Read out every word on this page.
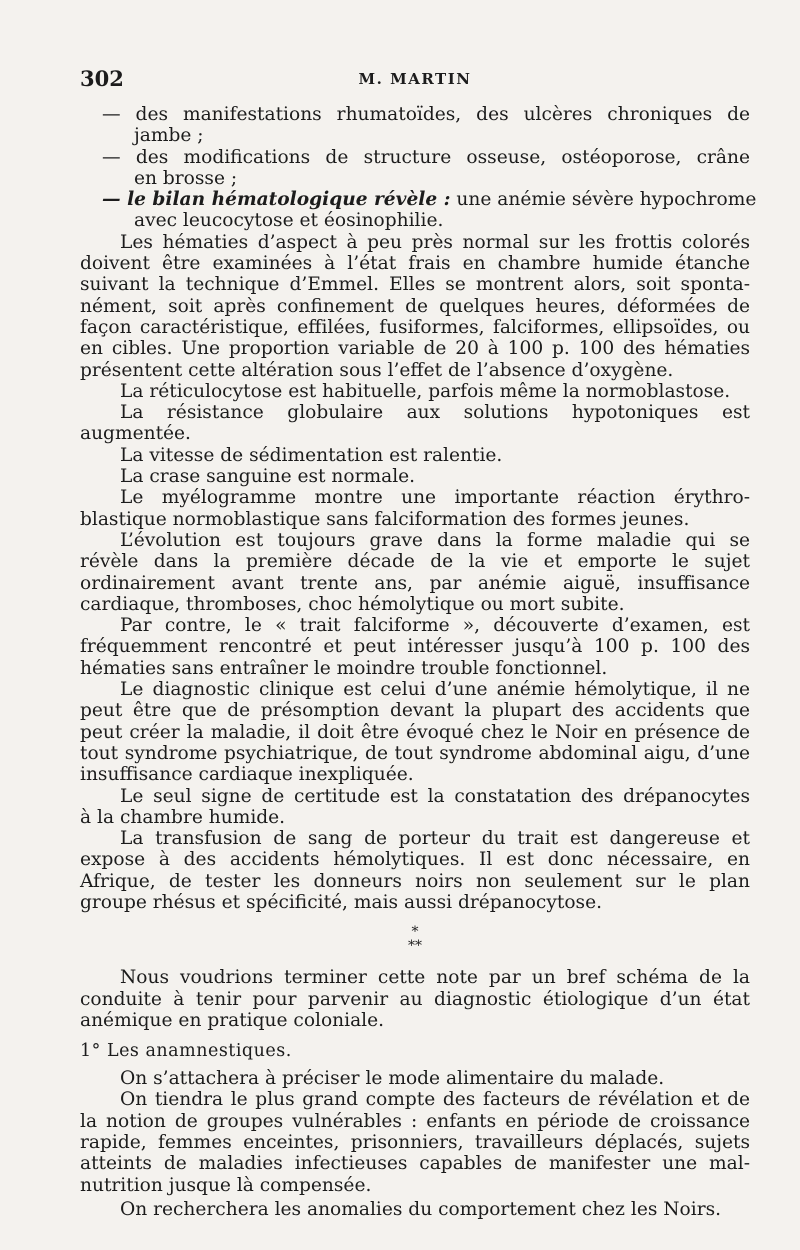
302	M. MARTIN
— des manifestations rhumatoïdes, des ulcères chroniques de
jambe ;
— des modifications de structure osseuse, ostéoporose, crâne
en brosse ;
— le bilan hématologique révèle : une anémie sévère hypochrome
avec leucocytose et éosinophilie.
Les hématies d’aspect à peu près normal sur les frottis colorés
doivent être examinées à l’état frais en chambre humide étanche
suivant la technique d’Emmel. Elles se montrent alors, soit sponta-
nément, soit après confinement de quelques heures, déformées de
façon caractéristique, effilées, fusiformes, falciformes, ellipsoïdes, ou
en cibles. Une proportion variable de 20 à 100 p. 100 des hématies
présentent cette altération sous l’effet de l’absence d’oxygène.
La réticulocytose est habituelle, parfois même la normoblastose.
La résistance globulaire aux solutions hypotoniques est
augmentée.
La vitesse de sédimentation est ralentie.
La crase sanguine est normale.
Le myélogramme montre une importante réaction érythro-
blastique normoblastique sans falciformation des formes jeunes.
L’évolution est toujours grave dans la forme maladie qui se
révèle dans la première décade de la vie et emporte le sujet
ordinairement avant trente ans, par anémie aiguë, insuffisance
cardiaque, thromboses, choc hémolytique ou mort subite.
Par contre, le « trait falciforme », découverte d’examen, est
fréquemment rencontré et peut intéresser jusqu’à 100 p. 100 des
hématies sans entraîner le moindre trouble fonctionnel.
Le diagnostic clinique est celui d’une anémie hémolytique, il ne
peut être que de présomption devant la plupart des accidents que
peut créer la maladie, il doit être évoqué chez le Noir en présence de
tout syndrome psychiatrique, de tout syndrome abdominal aigu, d’une
insuffisance cardiaque inexpliquée.
Le seul signe de certitude est la constatation des drépanocytes
à la chambre humide.
La transfusion de sang de porteur du trait est dangereuse et
expose à des accidents hémolytiques. Il est donc nécessaire, en
Afrique, de tester les donneurs noirs non seulement sur le plan
groupe rhésus et spécificité, mais aussi drépanocytose.
*
**
Nous voudrions terminer cette note par un bref schéma de la
conduite à tenir pour parvenir au diagnostic étiologique d’un état
anémique en pratique coloniale.
1° Les anamnestiques.
On s’attachera à préciser le mode alimentaire du malade.
On tiendra le plus grand compte des facteurs de révélation et de
la notion de groupes vulnérables : enfants en période de croissance
rapide, femmes enceintes, prisonniers, travailleurs déplacés, sujets
atteints de maladies infectieuses capables de manifester une mal-
nutrition jusque là compensée.
On recherchera les anomalies du comportement chez les Noirs.
